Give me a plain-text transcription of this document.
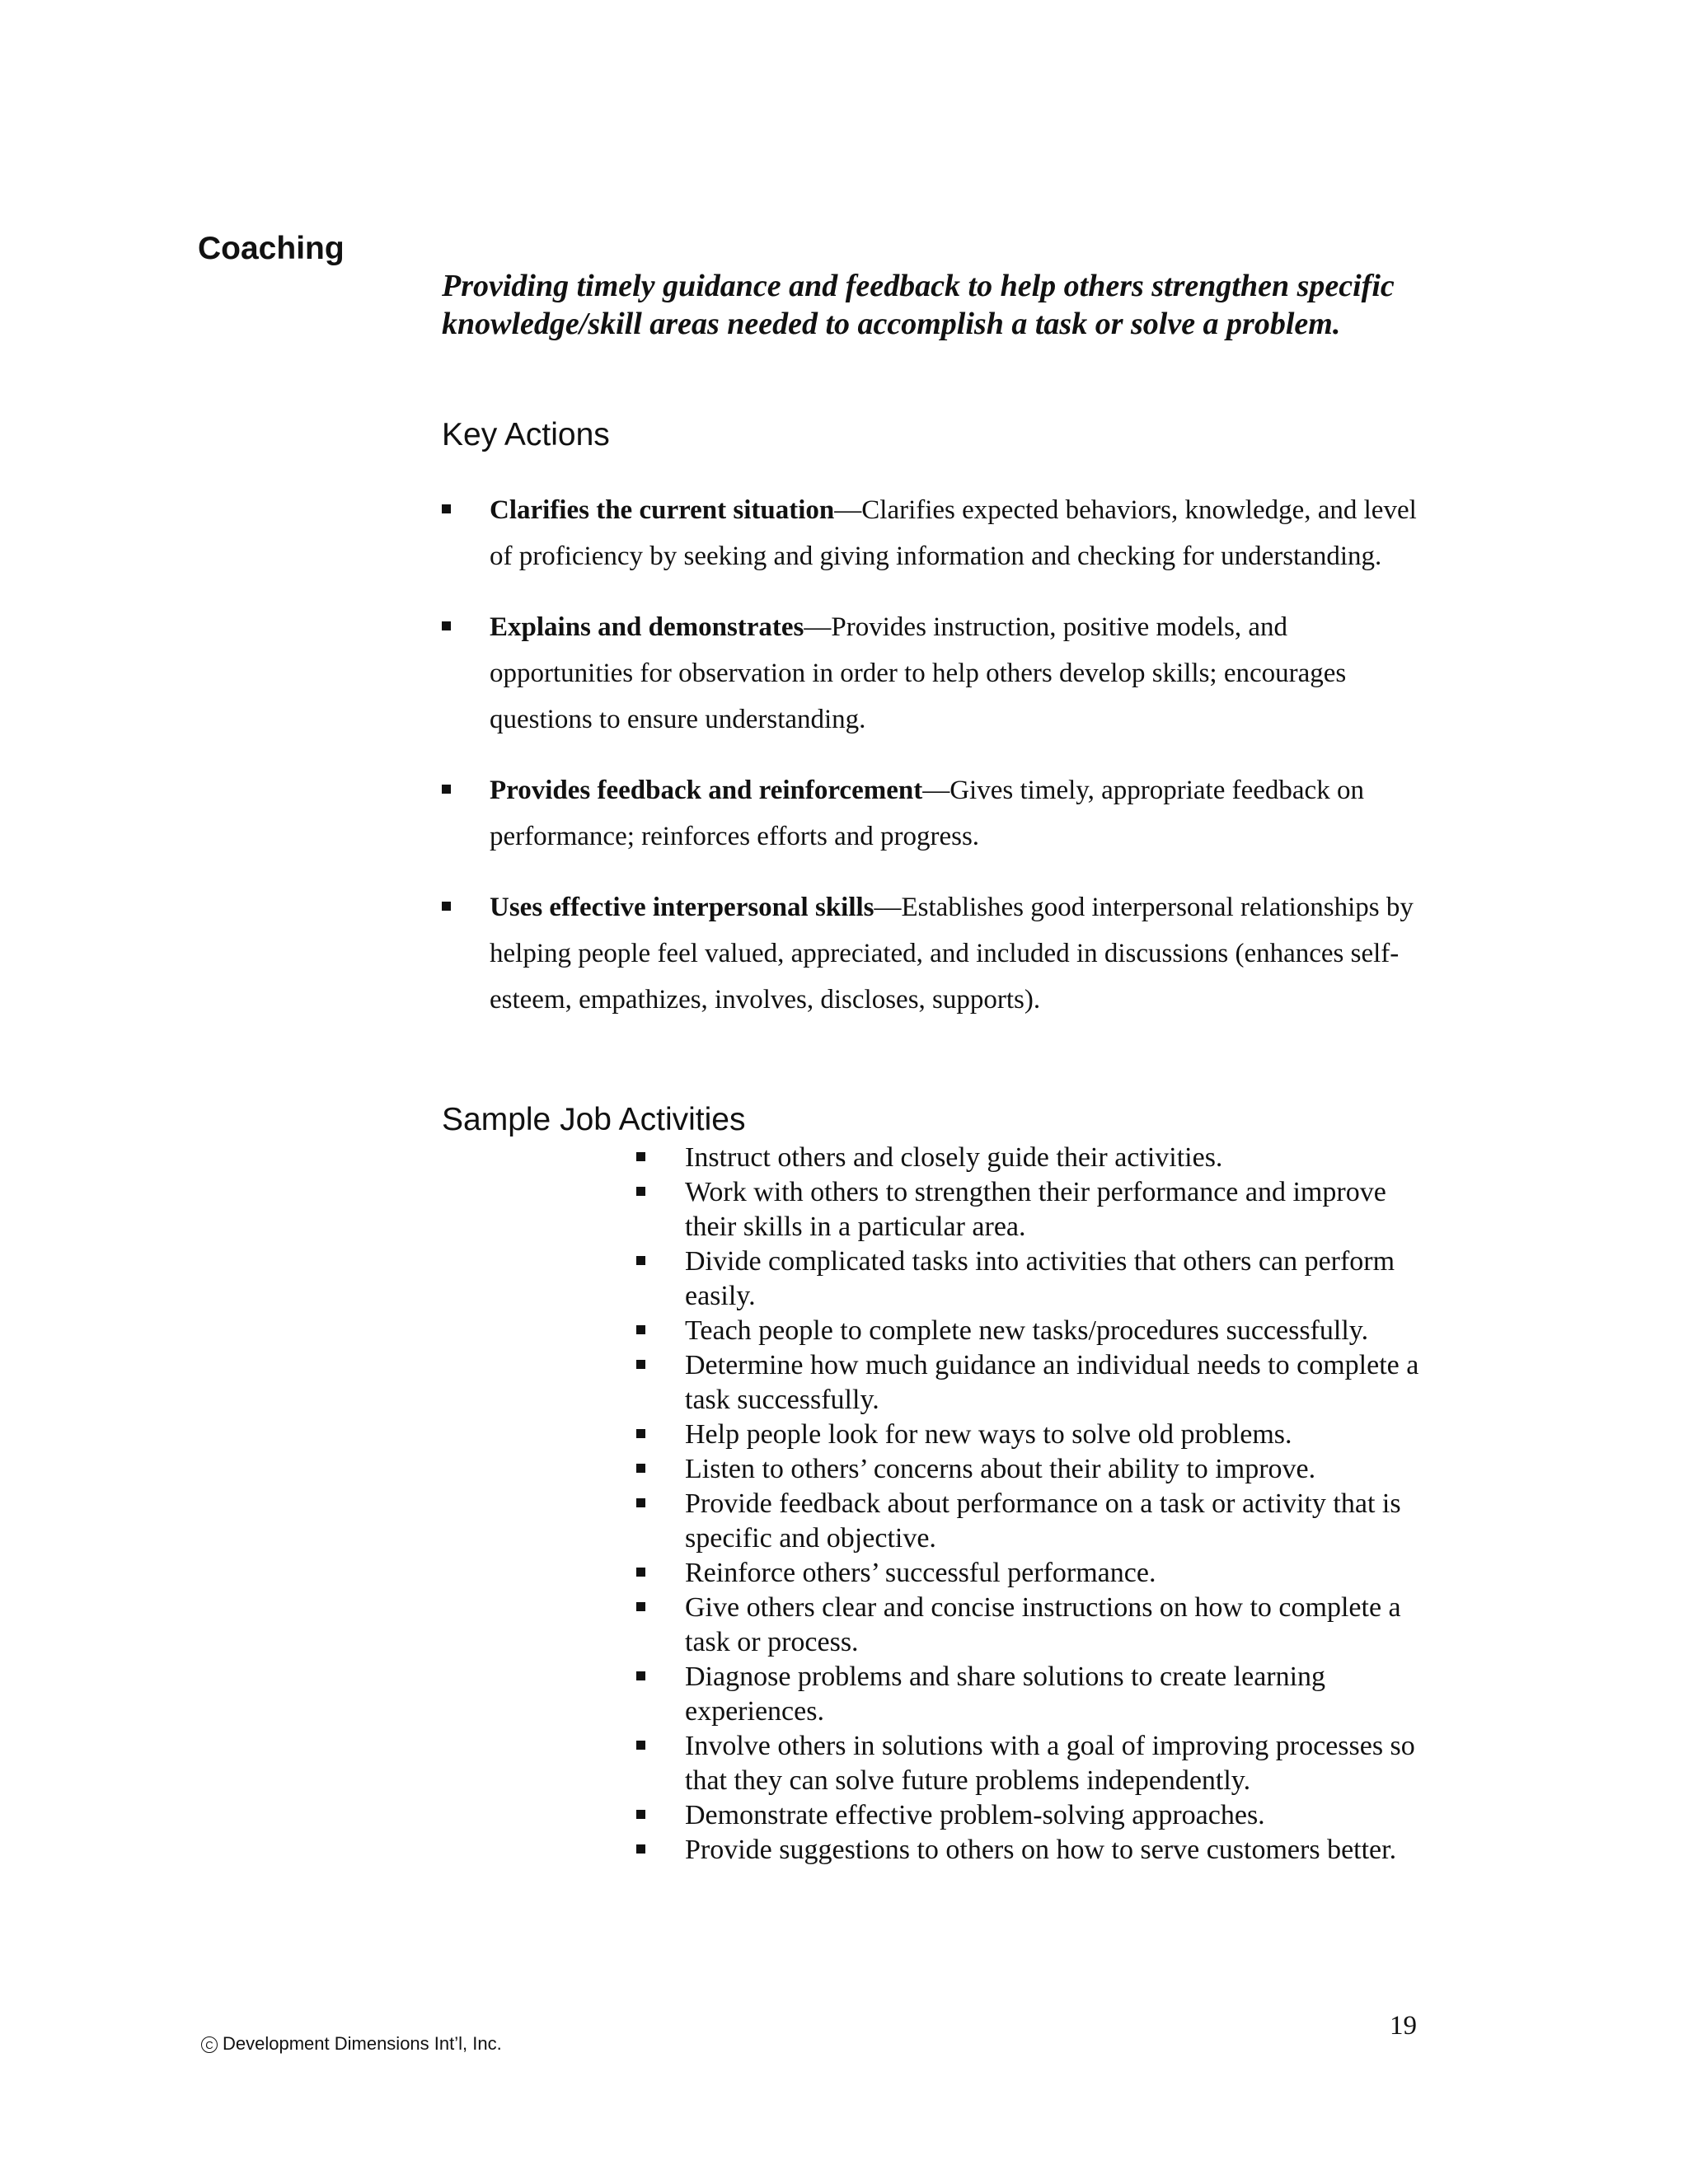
Coaching

Providing timely guidance and feedback to help others strengthen specific knowledge/skill areas needed to accomplish a task or solve a problem.

Key Actions
Clarifies the current situation—Clarifies expected behaviors, knowledge, and level of proficiency by seeking and giving information and checking for understanding.
Explains and demonstrates—Provides instruction, positive models, and opportunities for observation in order to help others develop skills; encourages questions to ensure understanding.
Provides feedback and reinforcement—Gives timely, appropriate feedback on performance; reinforces efforts and progress.
Uses effective interpersonal skills—Establishes good interpersonal relationships by helping people feel valued, appreciated, and included in discussions (enhances self-esteem, empathizes, involves, discloses, supports).
Sample Job Activities
Instruct others and closely guide their activities.
Work with others to strengthen their performance and improve their skills in a particular area.
Divide complicated tasks into activities that others can perform easily.
Teach people to complete new tasks/procedures successfully.
Determine how much guidance an individual needs to complete a task successfully.
Help people look for new ways to solve old problems.
Listen to others’ concerns about their ability to improve.
Provide feedback about performance on a task or activity that is specific and objective.
Reinforce others’ successful performance.
Give others clear and concise instructions on how to complete a task or process.
Diagnose problems and share solutions to create learning experiences.
Involve others in solutions with a goal of improving processes so that they can solve future problems independently.
Demonstrate effective problem-solving approaches.
Provide suggestions to others on how to serve customers better.
C Development Dimensions Int’l, Inc.
19
